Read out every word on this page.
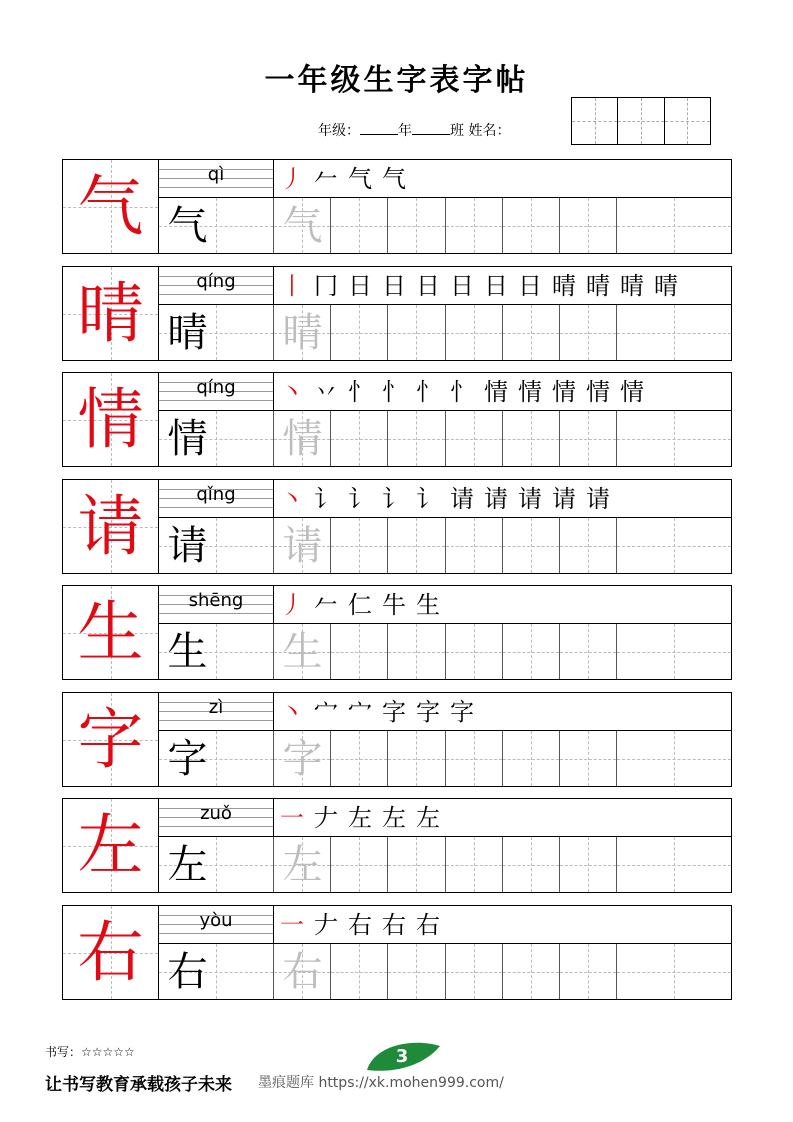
一年级生字表字帖
年级：	年	班 姓名：
气	qì	丿 𠂉 气 气
气 气
晴	qíng	丨 冂 日 日 日 日 日 日 晴 晴 晴 晴
晴 晴
情	qíng	丶 丷 忄 忄 忄 忄 情 情 情 情 情
情 情
请	qǐng	丶 讠 讠 讠 讠 请 请 请 请 请
请 请
生	shēng	丿 𠂉 仁 牛 生
生 生
字	zì	丶 宀 宀 字 字 字
字 字
左	zuǒ	一 𠂇 左 左 左
左 左
右	yòu	一 𠂇 右 右 右
右 右
书写：☆☆☆☆☆
让书写教育承载孩子未来
3
墨痕题库 https://xk.mohen999.com/
